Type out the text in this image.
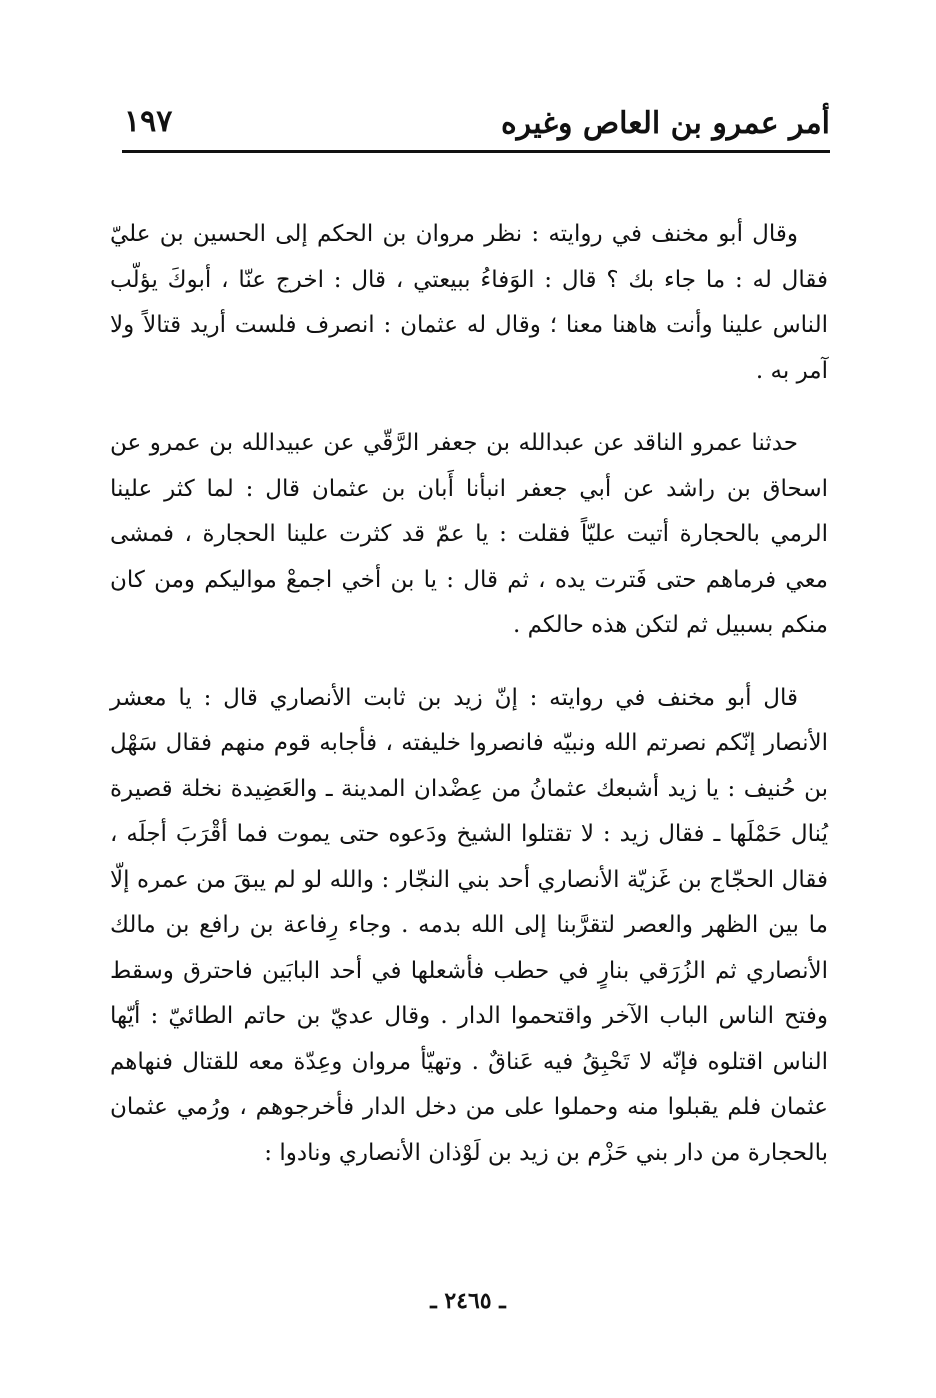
أمر عمرو بن العاص وغيره
١٩٧

وقال أبو مخنف في روايته : نظر مروان بن الحكم إلى الحسين بن عليّ فقال له : ما جاء بك ؟ قال : الوَفاءُ ببيعتي ، قال : اخرج عنّا ، أبوكَ يؤلّب الناس علينا وأنت هاهنا معنا ؛ وقال له عثمان : انصرف فلست أريد قتالاً ولا آمر به .

حدثنا عمرو الناقد عن عبدالله بن جعفر الرَّقّي عن عبيدالله بن عمرو عن اسحاق بن راشد عن أبي جعفر انبأنا أَبان بن عثمان قال : لما كثر علينا الرمي بالحجارة أتيت عليّاً فقلت : يا عمّ قد كثرت علينا الحجارة ، فمشى معي فرماهم حتى فَترت يده ، ثم قال : يا بن أخي اجمعْ مواليكم ومن كان منكم بسبيل ثم لتكن هذه حالكم .

قال أبو مخنف في روايته : إنّ زيد بن ثابت الأنصاري قال : يا معشر الأنصار إنّكم نصرتم الله ونبيّه فانصروا خليفته ، فأجابه قوم منهم فقال سَهْل بن حُنيف : يا زيد أشبعك عثمانُ من عِضْدان المدينة ـ والعَضِيدة نخلة قصيرة يُنال حَمْلَها ـ فقال زيد : لا تقتلوا الشيخ ودَعوه حتى يموت فما أقْرَبَ أجلَه ، فقال الحجّاج بن غَزيّة الأنصاري أحد بني النجّار : والله لو لم يبقَ من عمره إلّا ما بين الظهر والعصر لتقرَّبنا إلى الله بدمه . وجاء رِفاعة بن رافع بن مالك الأنصاري ثم الزُرَقي بنارٍ في حطب فأشعلها في أحد البابَين فاحترق وسقط وفتح الناس الباب الآخر واقتحموا الدار . وقال عديّ بن حاتم الطائيّ : أيّها الناس اقتلوه فإنّه لا تَحْبِقُ فيه عَناقٌ . وتهيّأ مروان وعِدّة معه للقتال فنهاهم عثمان فلم يقبلوا منه وحملوا على من دخل الدار فأخرجوهم ، ورُمي عثمان بالحجارة من دار بني حَزْم بن زيد بن لَوْذان الأنصاري ونادوا :

ـ ٢٤٦٥ ـ
